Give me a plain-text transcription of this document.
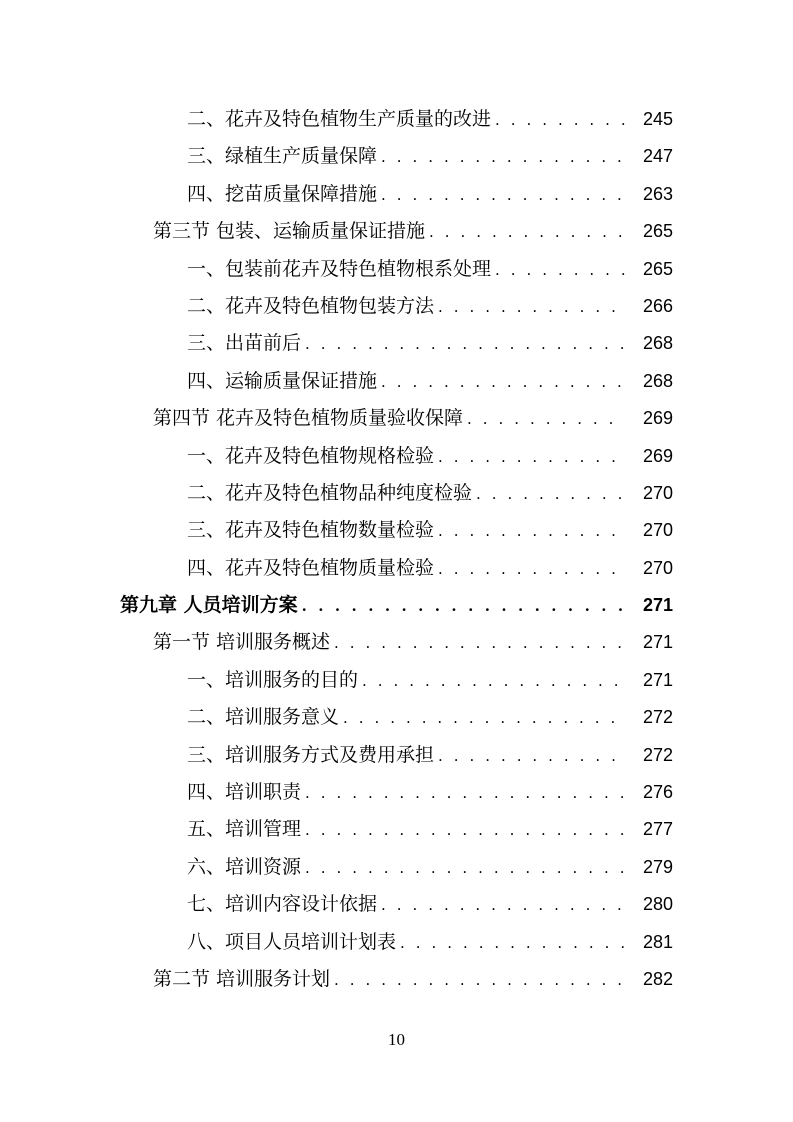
二、花卉及特色植物生产质量的改进 . . .	245
三、绿植生产质量保障 . . .	247
四、挖苗质量保障措施 . . .	263
第三节 包装、运输质量保证措施 . . .	265
一、包装前花卉及特色植物根系处理 . . .	265
二、花卉及特色植物包装方法 . . .	266
三、出苗前后 . . .	268
四、运输质量保证措施 . . .	268
第四节 花卉及特色植物质量验收保障 . . .	269
一、花卉及特色植物规格检验 . . .	269
二、花卉及特色植物品种纯度检验 . . .	270
三、花卉及特色植物数量检验 . . .	270
四、花卉及特色植物质量检验 . . .	270
第九章 人员培训方案 . . .	271
第一节 培训服务概述 . . .	271
一、培训服务的目的 . . .	271
二、培训服务意义 . . .	272
三、培训服务方式及费用承担 . . .	272
四、培训职责 . . .	276
五、培训管理 . . .	277
六、培训资源 . . .	279
七、培训内容设计依据 . . .	280
八、项目人员培训计划表 . . .	281
第二节 培训服务计划 . . .	282
10
